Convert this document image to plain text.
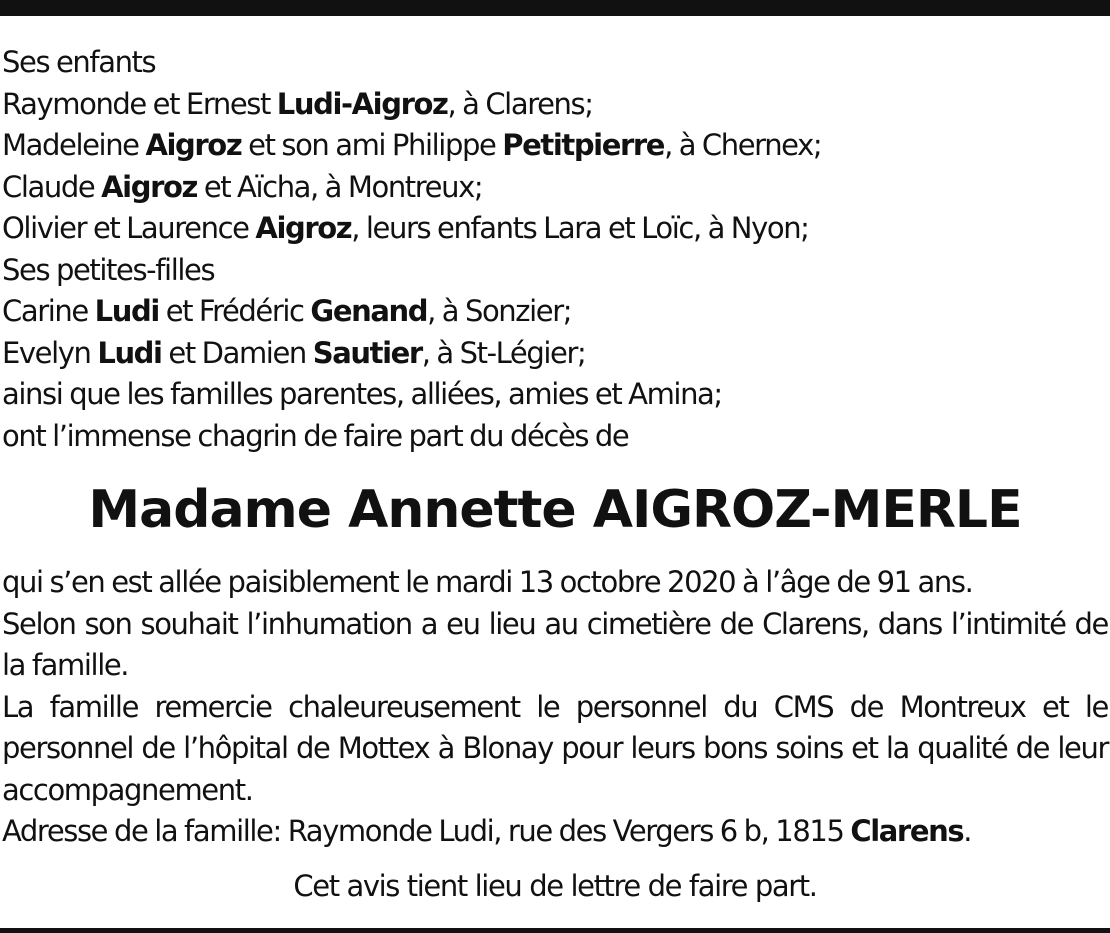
Ses enfants
Raymonde et Ernest Ludi-Aigroz, à Clarens;
Madeleine Aigroz et son ami Philippe Petitpierre, à Chernex;
Claude Aigroz et Aïcha, à Montreux;
Olivier et Laurence Aigroz, leurs enfants Lara et Loïc, à Nyon;
Ses petites-filles
Carine Ludi et Frédéric Genand, à Sonzier;
Evelyn Ludi et Damien Sautier, à St-Légier;
ainsi que les familles parentes, alliées, amies et Amina;
ont l’immense chagrin de faire part du décès de
Madame Annette AIGROZ-MERLE

qui s’en est allée paisiblement le mardi 13 octobre 2020 à l’âge de 91 ans.

Selon son souhait l’inhumation a eu lieu au cimetière de Clarens, dans l’intimité de la famille.

La famille remercie chaleureusement le personnel du CMS de Montreux et le personnel de l’hôpital de Mottex à Blonay pour leurs bons soins et la qualité de leur accompagnement.

Adresse de la famille: Raymonde Ludi, rue des Vergers 6 b, 1815 Clarens.

Cet avis tient lieu de lettre de faire part.
